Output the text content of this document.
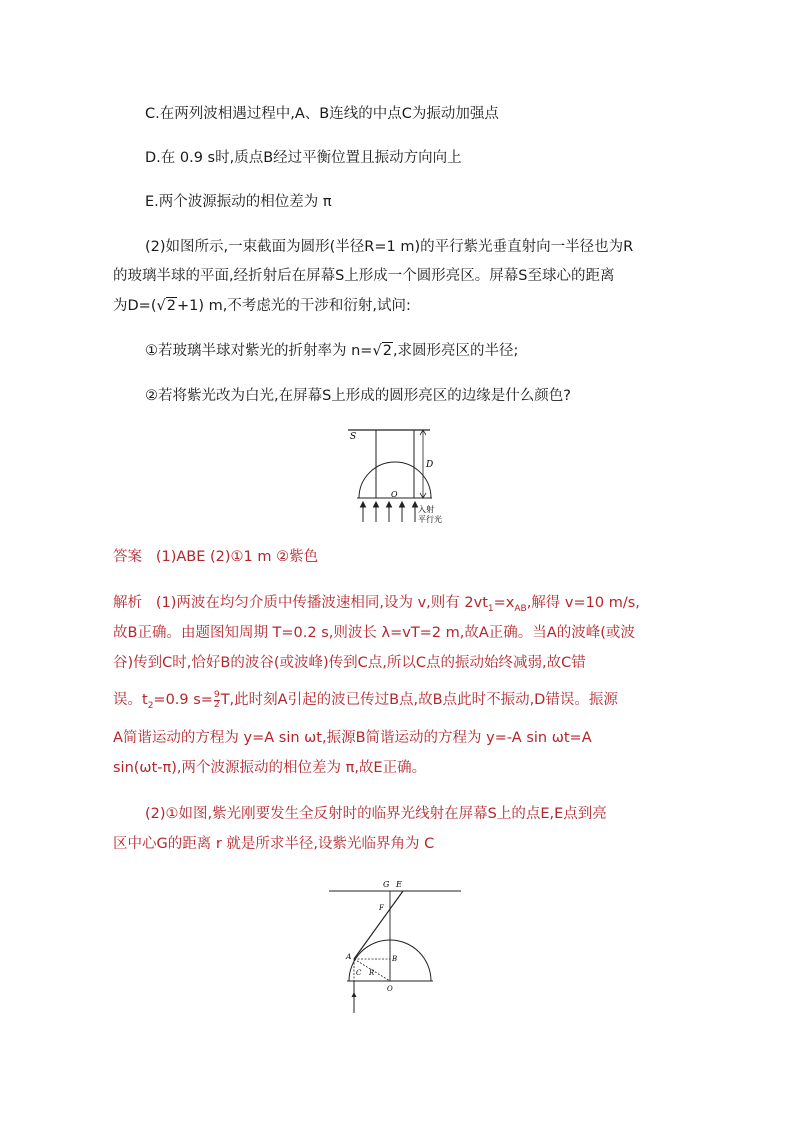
C.在两列波相遇过程中,A、B连线的中点C为振动加强点
D.在 0.9 s时,质点B经过平衡位置且振动方向向上
E.两个波源振动的相位差为 π
(2)如图所示,一束截面为圆形(半径R=1 m)的平行紫光垂直射向一半径也为R
的玻璃半球的平面,经折射后在屏幕S上形成一个圆形亮区。屏幕S至球心的距离
为D=(√2+1) m,不考虑光的干涉和衍射,试问:
①若玻璃半球对紫光的折射率为 n=√2,求圆形亮区的半径;
②若将紫光改为白光,在屏幕S上形成的圆形亮区的边缘是什么颜色?
S
O
D
入射
平行光
答案 (1)ABE (2)①1 m ②紫色
解析 (1)两波在均匀介质中传播波速相同,设为 v,则有 $2vt_1=x_{AB}$,解得 v=10 m/s,
故B正确。由题图知周期 T=0.2 s,则波长 λ=vT=2 m,故A正确。当A的波峰(或波
谷)传到C时,恰好B的波谷(或波峰)传到C点,所以C点的振动始终减弱,故C错
误。$t_2=0.9$ $s= \frac{9}{2} T$,此时刻A引起的波已传过B点,故B点此时不振动,D错误。振源
A简谐运动的方程为 y=A sin ωt,振源B简谐运动的方程为 y=-A sin ωt=A
sin(ωt-π),两个波源振动的相位差为 π,故E正确。
(2)①如图,紫光刚要发生全反射时的临界光线射在屏幕S上的点E,E点到亮
区中心G的距离 r 就是所求半径,设紫光临界角为 C
G E
F
A	B
C R
O
